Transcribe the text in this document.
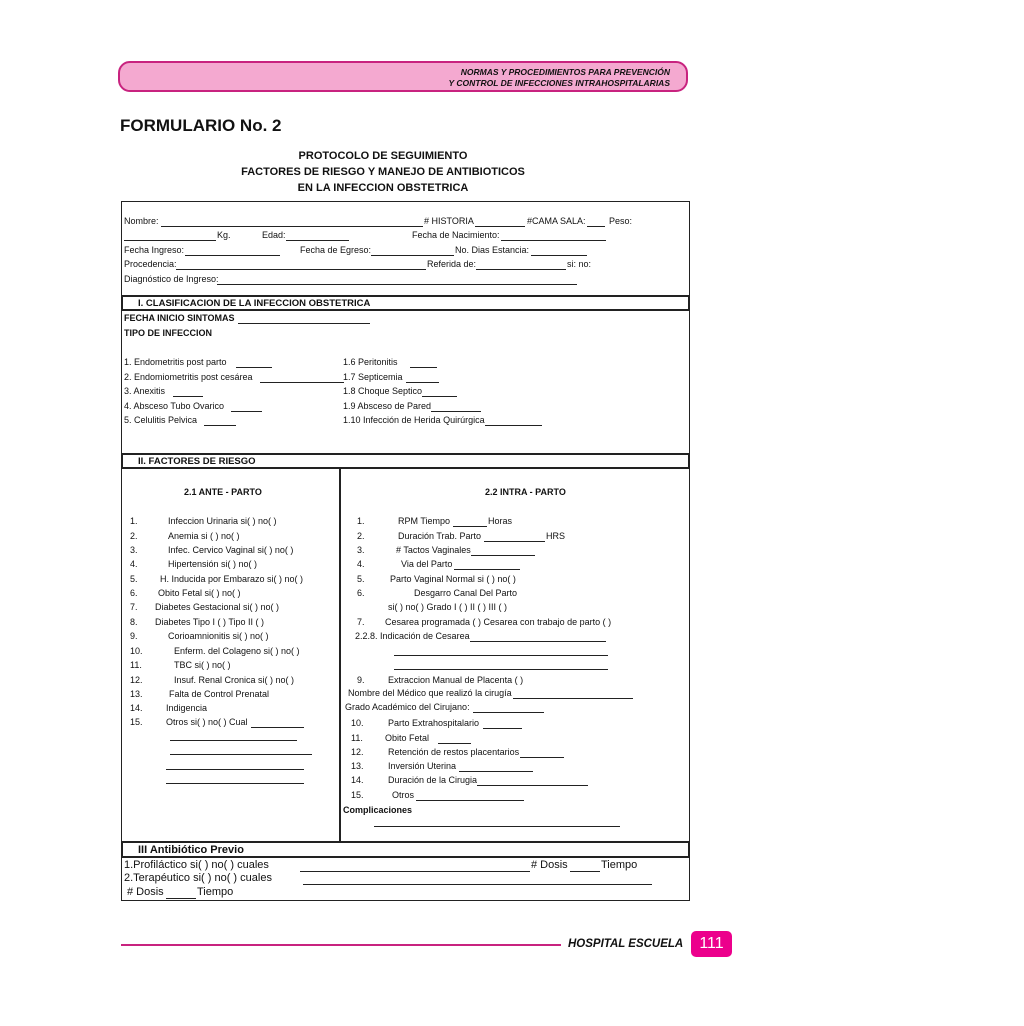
NORMAS Y PROCEDIMIENTOS PARA PREVENCIÓN
Y CONTROL DE INFECCIONES INTRAHOSPITALARIAS
FORMULARIO No. 2
PROTOCOLO DE SEGUIMIENTO
FACTORES DE RIESGO Y MANEJO DE ANTIBIOTICOS
EN LA INFECCION OBSTETRICA
Nombre:	# HISTORIA	#CAMA SALA:	Peso:
Kg.	Edad:	Fecha de Nacimiento:
Fecha Ingreso:	Fecha de Egreso:	No. Dias Estancia:
Procedencia:	Referida de:	si: no:
Diagnóstico de Ingreso:
I. CLASIFICACION DE LA INFECCION OBSTETRICA
FECHA INICIO SINTOMAS
TIPO DE INFECCION
1. Endometritis post parto
2. Endomiometritis post cesárea
3. Anexitis
4. Absceso Tubo Ovarico
5. Celulitis Pelvica
1.6 Peritonitis
1.7 Septicemia
1.8 Choque Septico
1.9 Absceso de Pared
1.10 Infección de Herida Quirúrgica
II. FACTORES DE RIESGO
2.1 ANTE - PARTO	2.2 INTRA - PARTO
1.	Infeccion Urinaria si( ) no( )
2.	Anemia si ( ) no( )
3.	Infec. Cervico Vaginal si( ) no( )
4.	Hipertensión si( ) no( )
5. H. Inducida por Embarazo si( ) no( )
6. Obito Fetal si( ) no( )
7. Diabetes Gestacional si( ) no( )
8. Diabetes Tipo I ( ) Tipo II ( )
9.	Corioamnionitis si( ) no( )
10.	Enferm. del Colageno si( ) no( )
11.	TBC si( ) no( )
12.	Insuf. Renal Cronica si( ) no( )
13.	Falta de Control Prenatal
14.	Indigencia
15.	Otros si( ) no( ) Cual
1.	RPM Tiempo	Horas
2.	Duración Trab. Parto	HRS
3.	# Tactos Vaginales
4.	Via del Parto
5.	Parto Vaginal Normal si ( ) no( )
6.	Desgarro Canal Del Parto
si( ) no( ) Grado I ( ) II ( ) III ( )
7. Cesarea programada ( ) Cesarea con trabajo de parto ( )
2.2.8. Indicación de Cesarea
9.	Extraccion Manual de Placenta ( )
Nombre del Médico que realizó la cirugía
Grado Académico del Cirujano:
10.	Parto Extrahospitalario
11. Obito Fetal
12.	Retención de restos placentarios
13.	Inversión Uterina
14.	Duración de la Cirugia
15.	Otros
Complicaciones
III Antibiótico Previo
1.Profiláctico si( ) no( ) cuales	# Dosis	Tiempo
2.Terapéutico si( ) no( ) cuales
# Dosis	Tiempo
HOSPITAL ESCUELA	111
